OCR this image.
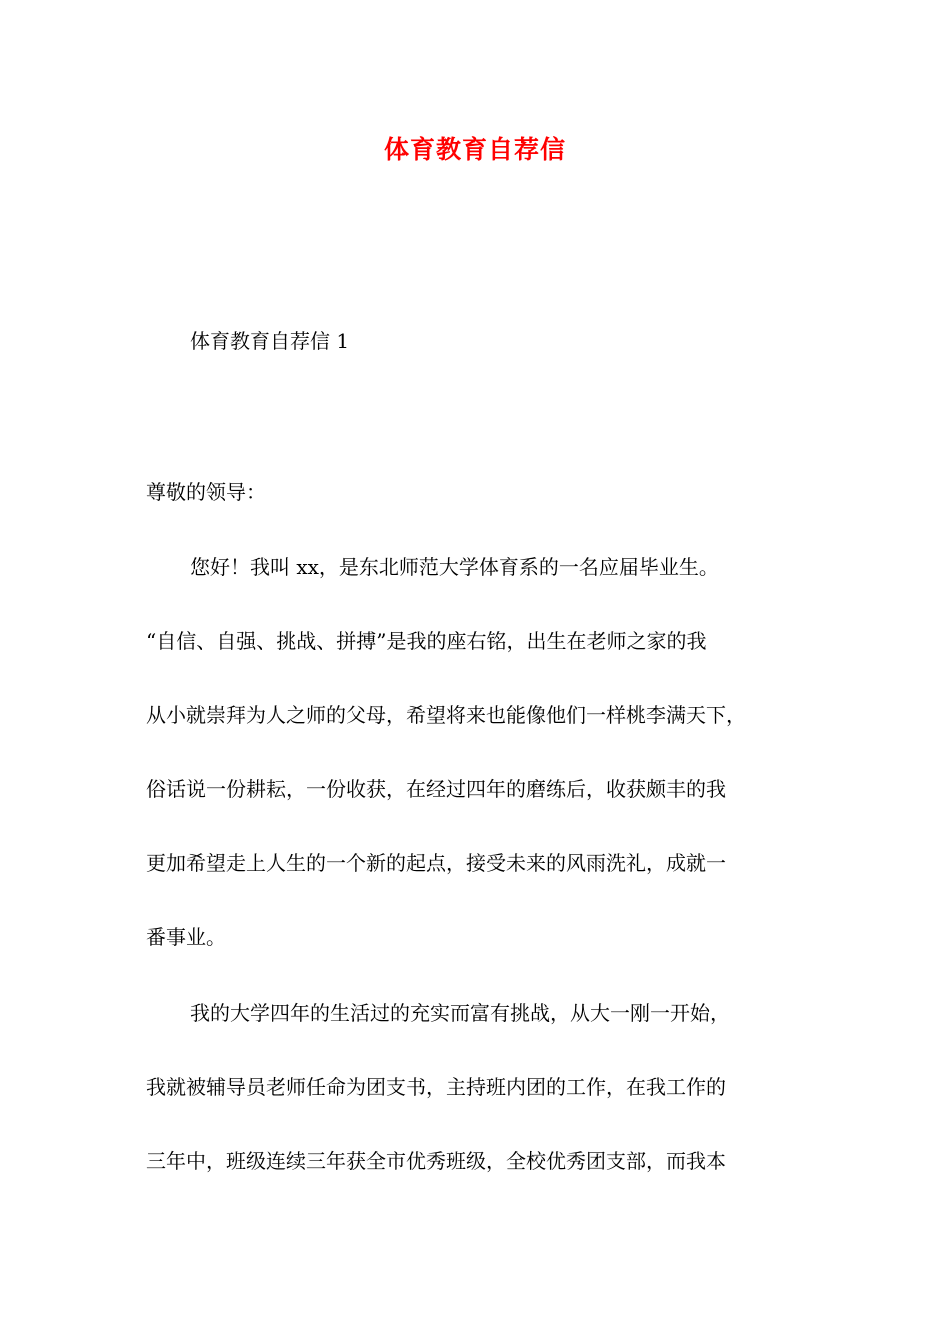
体育教育自荐信
体育教育自荐信 1
尊敬的领导：
您好！我叫 xx，是东北师范大学体育系的一名应届毕业生。
“自信、自强、挑战、拼搏”是我的座右铭，出生在老师之家的我
从小就崇拜为人之师的父母，希望将来也能像他们一样桃李满天下，
俗话说一份耕耘，一份收获，在经过四年的磨练后，收获颇丰的我
更加希望走上人生的一个新的起点，接受未来的风雨洗礼，成就一
番事业。
我的大学四年的生活过的充实而富有挑战，从大一刚一开始，
我就被辅导员老师任命为团支书，主持班内团的工作，在我工作的
三年中，班级连续三年获全市优秀班级，全校优秀团支部，而我本
